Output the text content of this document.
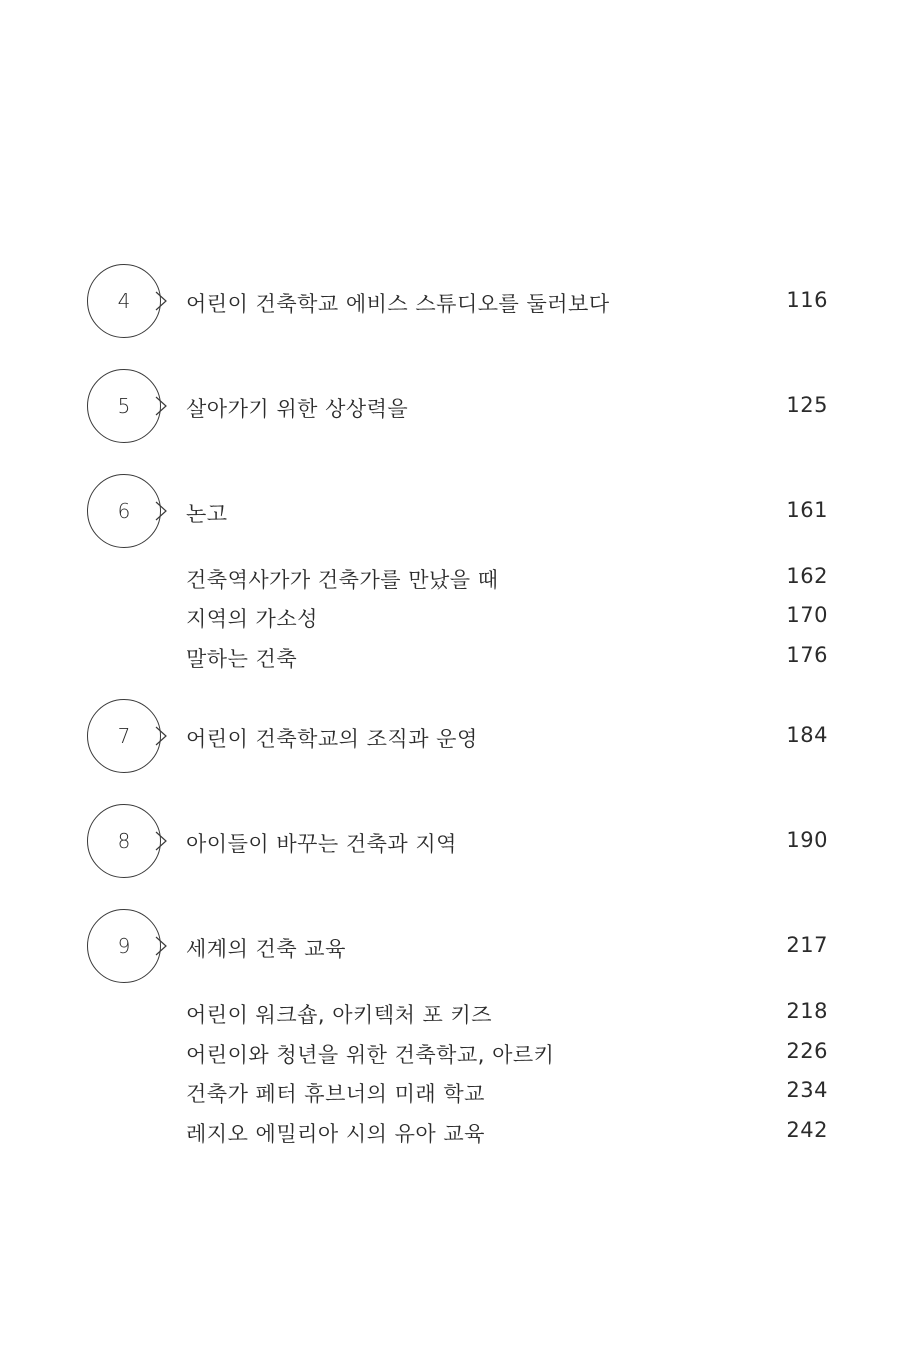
4	어린이 건축학교 에비스 스튜디오를 둘러보다	116
5	살아가기 위한 상상력을	125
6	논고	161
건축역사가가 건축가를 만났을 때	162
지역의 가소성	170
말하는 건축	176
7	어린이 건축학교의 조직과 운영	184
8	아이들이 바꾸는 건축과 지역	190
9	세계의 건축 교육	217
어린이 워크숍, 아키텍처 포 키즈	218
어린이와 청년을 위한 건축학교, 아르키	226
건축가 페터 휴브너의 미래 학교	234
레지오 에밀리아 시의 유아 교육	242
